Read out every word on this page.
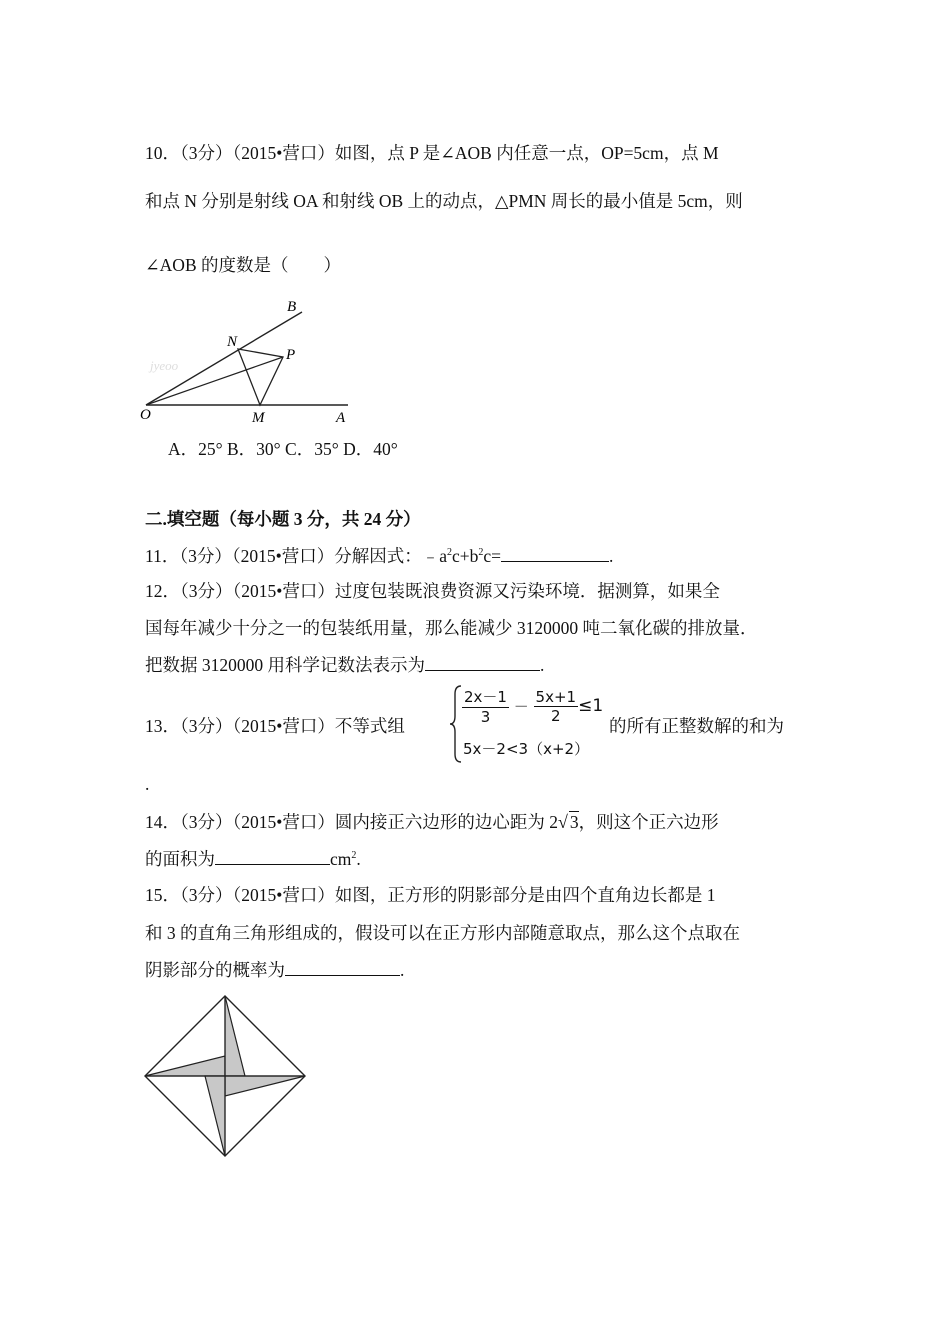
10．（3分）（2015•营口）如图，点 P 是∠AOB 内任意一点，OP=5cm，点 M
和点 N 分别是射线 OA 和射线 OB 上的动点，△PMN 周长的最小值是 5cm，则
∠AOB 的度数是（　　）
jyeoo
O	M	A
N
P
B
A．25° B．30° C．35° D．40°
二.填空题（每小题 3 分，共 24 分）
11．（3分）（2015•营口）分解因式：$﹣a^2c+b^2c=$	.
12．（3分）（2015•营口）过度包装既浪费资源又污染环境．据测算，如果全
国每年减少十分之一的包装纸用量，那么能减少 3120000 吨二氧化碳的排放量．
把数据 3120000 用科学记数法表示为	.
13．（3分）（2015•营口）不等式组	$\frac{2x-1}{3} - \frac{5x+1}{2} \le 1$
5x－2<3（x+2）
的所有正整数解的和为
.
14．（3分）（2015•营口）圆内接正六边形的边心距为 2√ 3，则这个正六边形
的面积为	$cm^2$.
15．（3分）（2015•营口）如图，正方形的阴影部分是由四个直角边长都是 1
和 3 的直角三角形组成的，假设可以在正方形内部随意取点，那么这个点取在
阴影部分的概率为	.
